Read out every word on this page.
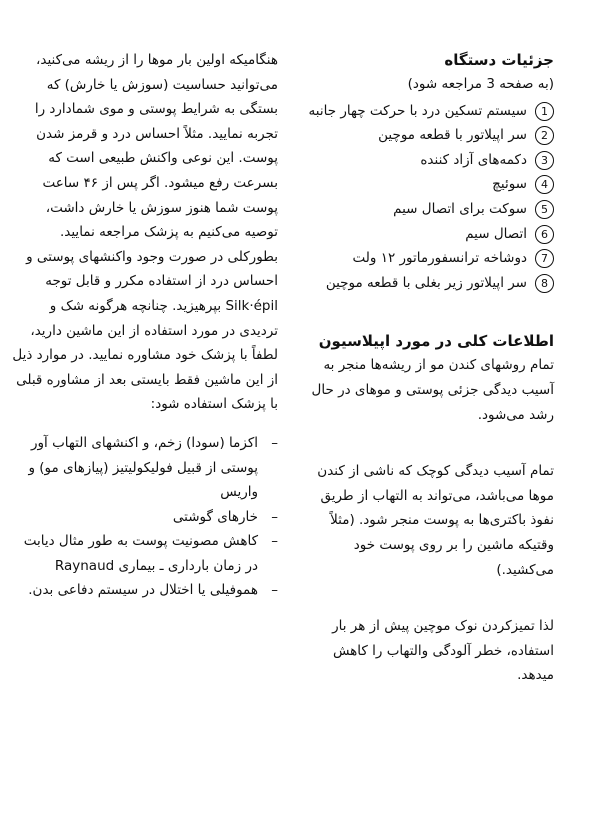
جزئیات دستگاه
(به صفحه 3 مراجعه شود)
1
سیستم تسکین درد با حرکت چهار جانبه
2
سر اپیلاتور با قطعه موچین
3
دکمه‌های آزاد کننده
4
سوئیچ
5
سوکت برای اتصال سیم
6
اتصال سیم
7
دوشاخه ترانسفورماتور ۱۲ ولت
8
سر اپیلاتور زیر بغلی با قطعه موچین
اطلاعات کلی در مورد اپیلاسیون

تمام روشهای کندن مو از ریشه‌ها منجر به آسیب دیدگی جزئی پوستی و موهای در حال رشد می‌شود.

تمام آسیب دیدگی کوچک که ناشی از کندن موها می‌باشد، می‌تواند به التهاب از طریق نفوذ باکتری‌ها به پوست منجر شود. (مثلاً وقتیکه ماشین را بر روی پوست خود می‌کشید.)

لذا تمیزکردن نوک موچین پیش از هر بار استفاده، خطر آلودگی والتهاب را کاهش میدهد.

هنگامیکه اولین بار موها را از ریشه می‌کنید، می‌توانید حساسیت (سوزش یا خارش) که بستگی به شرایط پوستی و موی شمادارد را تجربه نمایید. مثلاً احساس درد و قرمز شدن پوست. این نوعی واکنش طبیعی است که بسرعت رفع میشود. اگر پس از ۴۶ ساعت پوست شما هنوز سوزش یا خارش داشت، توصیه می‌کنیم به پزشک مراجعه نمایید. بطورکلی در صورت وجود واکنشهای پوستی و احساس درد از استفاده مکرر و قابل توجه Silk·épil بپرهیزید. چنانچه هرگونه شک و تردیدی در مورد استفاده از این ماشین دارید، لطفاً با پزشک خود مشاوره نمایید. در موارد ذیل از این ماشین فقط بایستی بعد از مشاوره قبلی با پزشک استفاده شود:

–
اکزما (سودا) زخم، و اکنشهای التهاب آور پوستی از قبیل فولیکولیتیز (پیازهای مو) و واریس
–
خارهای گوشتی
–
کاهش مصونیت پوست به طور مثال دیابت در زمان بارداری ـ بیماری Raynaud
–
هموفیلی یا اختلال در سیستم دفاعی بدن.
